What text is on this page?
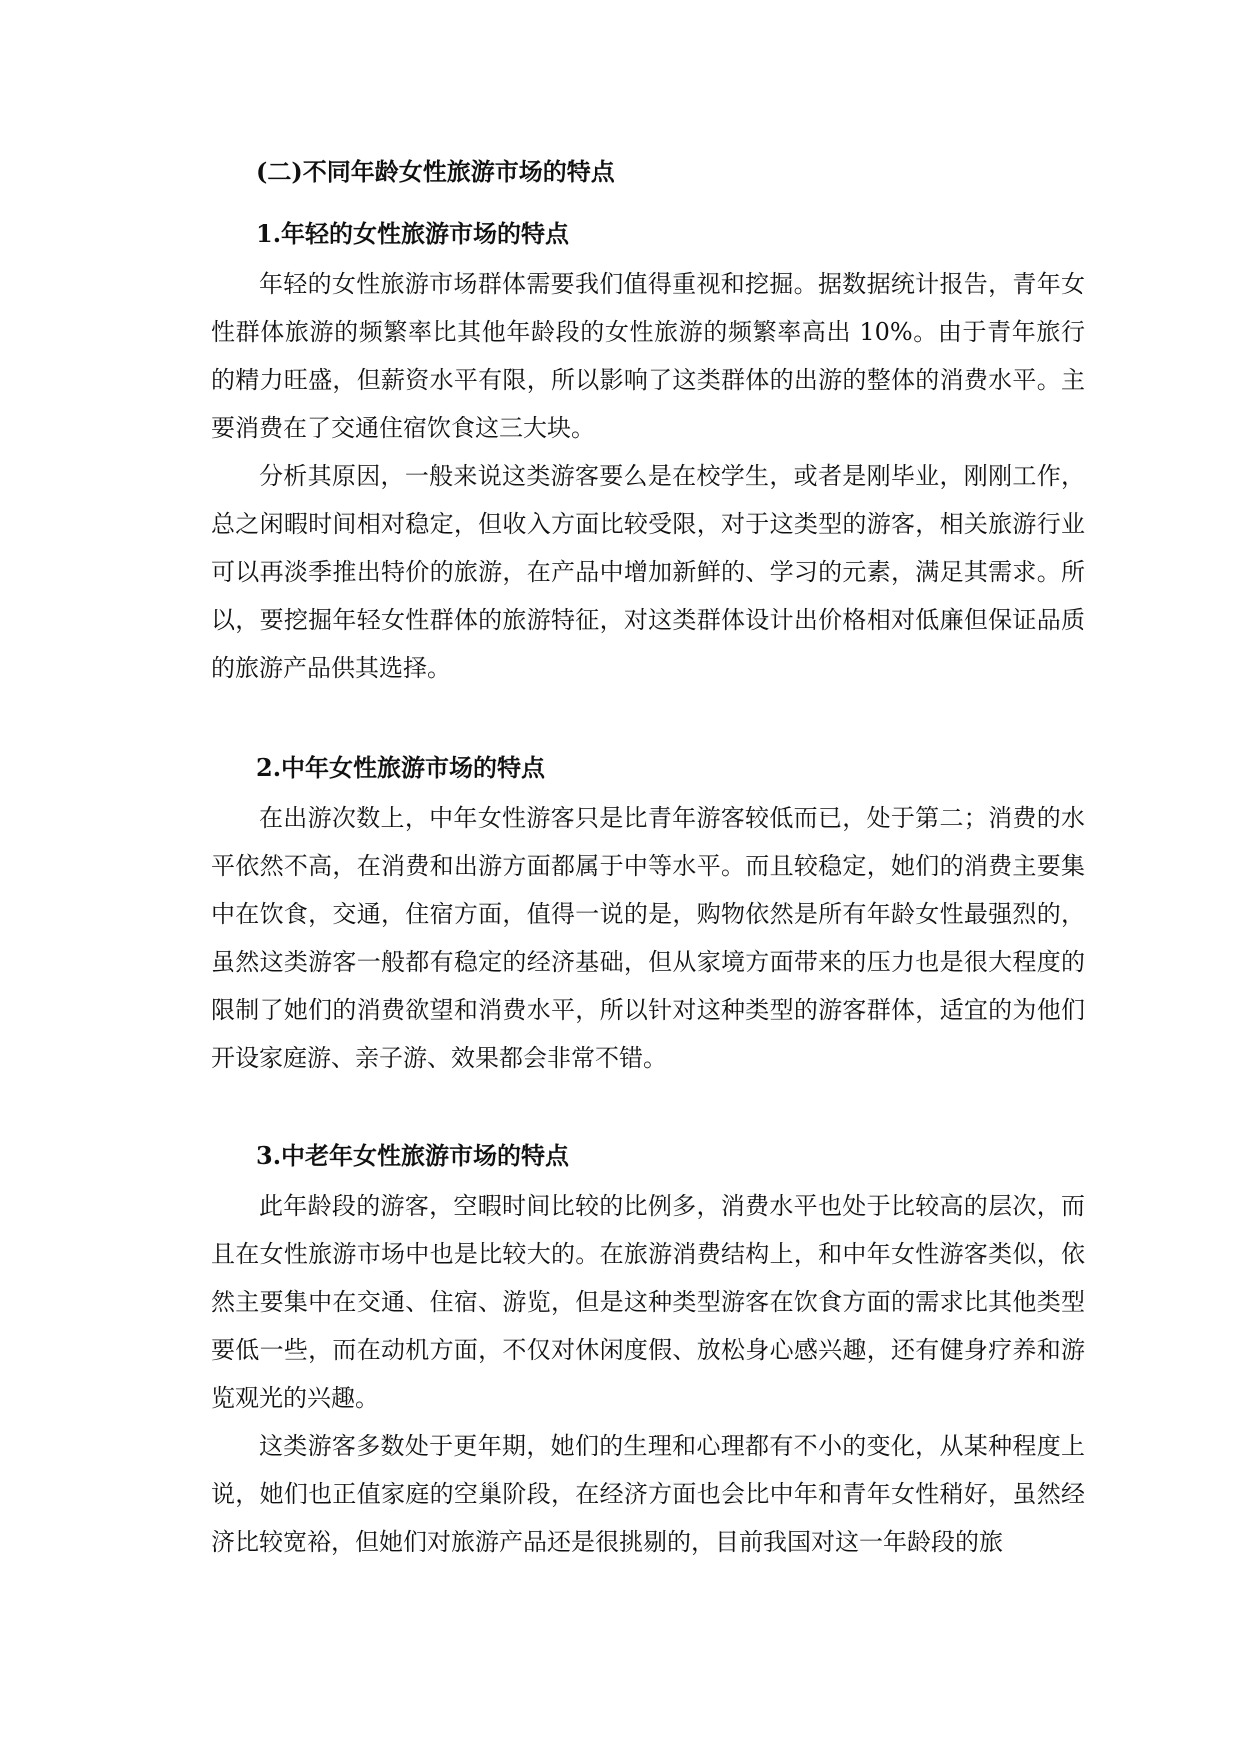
(二)不同年龄女性旅游市场的特点
1.年轻的女性旅游市场的特点

年轻的女性旅游市场群体需要我们值得重视和挖掘。据数据统计报告，青年女性群体旅游的频繁率比其他年龄段的女性旅游的频繁率高出 10%。由于青年旅行的精力旺盛，但薪资水平有限，所以影响了这类群体的出游的整体的消费水平。主要消费在了交通住宿饮食这三大块。

分析其原因，一般来说这类游客要么是在校学生，或者是刚毕业，刚刚工作，总之闲暇时间相对稳定，但收入方面比较受限，对于这类型的游客，相关旅游行业可以再淡季推出特价的旅游，在产品中增加新鲜的、学习的元素，满足其需求。所以，要挖掘年轻女性群体的旅游特征，对这类群体设计出价格相对低廉但保证品质的旅游产品供其选择。

2.中年女性旅游市场的特点

在出游次数上，中年女性游客只是比青年游客较低而已，处于第二；消费的水平依然不高，在消费和出游方面都属于中等水平。而且较稳定，她们的消费主要集中在饮食，交通，住宿方面，值得一说的是，购物依然是所有年龄女性最强烈的，虽然这类游客一般都有稳定的经济基础，但从家境方面带来的压力也是很大程度的限制了她们的消费欲望和消费水平，所以针对这种类型的游客群体，适宜的为他们开设家庭游、亲子游、效果都会非常不错。

3.中老年女性旅游市场的特点

此年龄段的游客，空暇时间比较的比例多，消费水平也处于比较高的层次，而且在女性旅游市场中也是比较大的。在旅游消费结构上，和中年女性游客类似，依然主要集中在交通、住宿、游览，但是这种类型游客在饮食方面的需求比其他类型要低一些，而在动机方面，不仅对休闲度假、放松身心感兴趣，还有健身疗养和游览观光的兴趣。

这类游客多数处于更年期，她们的生理和心理都有不小的变化，从某种程度上说，她们也正值家庭的空巢阶段，在经济方面也会比中年和青年女性稍好，虽然经济比较宽裕，但她们对旅游产品还是很挑剔的，目前我国对这一年龄段的旅
